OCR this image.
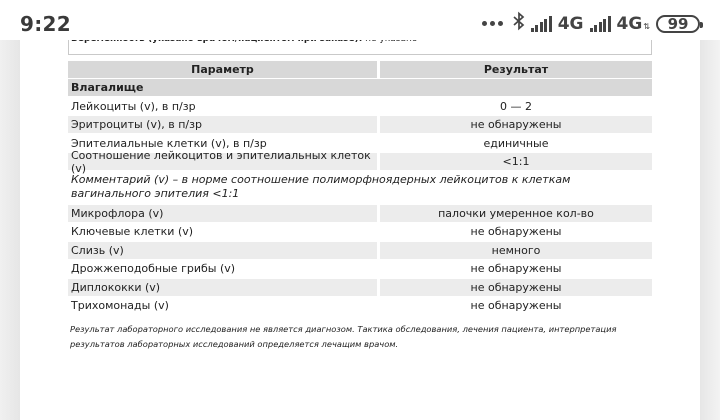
9:22	4G 4G ⇅ 99
Параметр	Результат
Влагалище
Лейкоциты (v), в п/зр	0 — 2
Эритроциты (v), в п/зр	не обнаружены
Эпителиальные клетки (v), в п/зр	единичные
Соотношение лейкоцитов и эпителиальных клеток (v)	<1:1
Комментарий (v) – в норме соотношение полиморфноядерных лейкоцитов к клеткам вагинального эпителия <1:1
Микрофлора (v)	палочки умеренное кол-во
Ключевые клетки (v)	не обнаружены
Слизь (v)	немного
Дрожжеподобные грибы (v)	не обнаружены
Диплококки (v)	не обнаружены
Трихомонады (v)	не обнаружены
Результат лабораторного исследования не является диагнозом. Тактика обследования, лечения пациента, интерпретация результатов лабораторных исследований определяется лечащим врачом.
